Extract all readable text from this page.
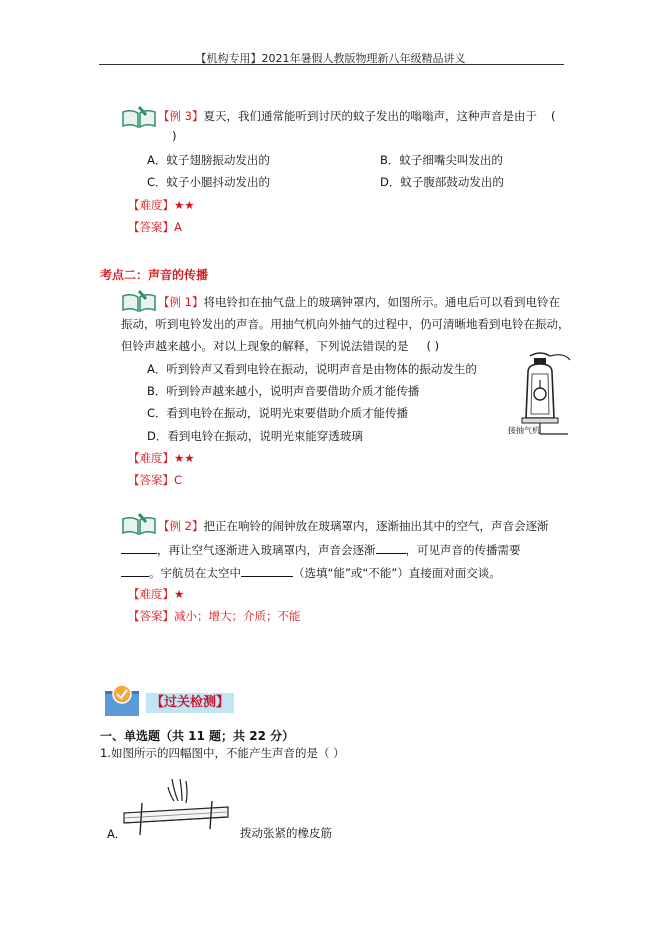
【机构专用】2021年暑假人教版物理新八年级精品讲义
【例 3】夏天，我们通常能听到讨厌的蚊子发出的嗡嗡声，这种声音是由于 (
)
A．蚊子翅膀振动发出的	B．蚊子细嘴尖叫发出的
C．蚊子小腿抖动发出的	D．蚊子腹部鼓动发出的
【难度】★★
【答案】A
考点二：声音的传播
【例 1】将电铃扣在抽气盘上的玻璃钟罩内，如图所示。通电后可以看到电铃在
振动，听到电铃发出的声音。用抽气机向外抽气的过程中，仍可清晰地看到电铃在振动，
但铃声越来越小。对以上现象的解释，下列说法错误的是 ( )
A．听到铃声又看到电铃在振动，说明声音是由物体的振动发生的
B．听到铃声越来越小，说明声音要借助介质才能传播
C．看到电铃在振动，说明光束要借助介质才能传播
D．看到电铃在振动，说明光束能穿透玻璃	接抽气机
【难度】★★
【答案】C
【例 2】把正在响铃的闹钟放在玻璃罩内，逐渐抽出其中的空气，声音会逐渐
，再让空气逐渐进入玻璃罩内，声音会逐渐	，可见声音的传播需要
。宇航员在太空中	（选填“能”或“不能”）直接面对面交谈。
【难度】★
【答案】减小；增大；介质；不能
【过关检测】
一、单选题（共 11 题；共 22 分）
1.如图所示的四幅图中，不能产生声音的是（ ）
A.	拨动张紧的橡皮筋
